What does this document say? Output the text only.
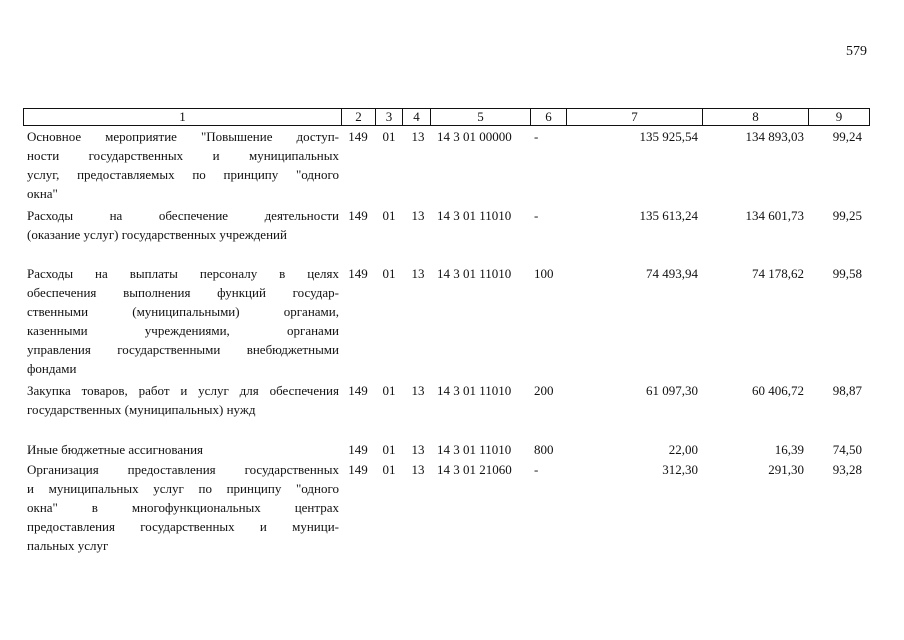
579
1	2	3	4	5	6	7	8	9
Основное мероприятие "Повышение доступ-
ности государственных и муниципальных
услуг, предоставляемых по принципу "одного
окна"
149	01	13 14 3 01 00000	-	135 925,54	134 893,03	99,24
Расходы на обеспечение деятельности
(оказание услуг) государственных учреждений
149	01	13 14 3 01 11010	-	135 613,24	134 601,73	99,25
Расходы на выплаты персоналу в целях
обеспечения выполнения функций государ-
ственными (муниципальными) органами,
казенными учреждениями, органами
управления государственными внебюджетными
фондами
149	01	13 14 3 01 11010	100	74 493,94	74 178,62	99,58
Закупка товаров, работ и услуг для обеспечения
государственных (муниципальных) нужд
149	01	13 14 3 01 11010	200	61 097,30	60 406,72	98,87
Иные бюджетные ассигнования	149	01	13 14 3 01 11010	800	22,00	16,39	74,50
Организация предоставления государственных
и муниципальных услуг по принципу "одного
окна" в многофункциональных центрах
предоставления государственных и муници-
пальных услуг
149	01	13 14 3 01 21060	-	312,30	291,30	93,28
